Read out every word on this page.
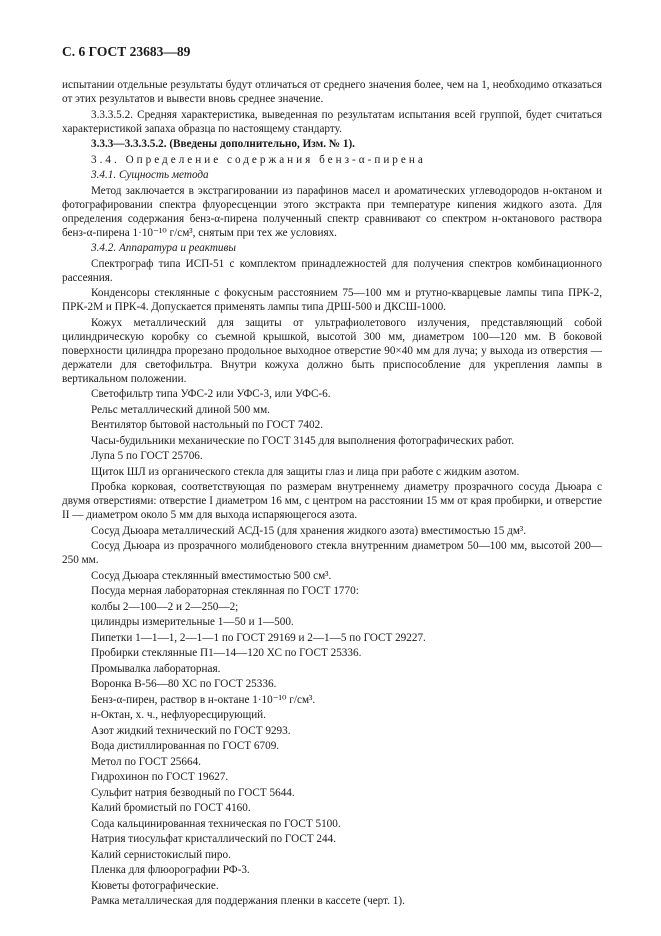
С. 6 ГОСТ 23683—89

испытании отдельные результаты будут отличаться от среднего значения более, чем на 1, необходимо отказаться от этих результатов и вывести вновь среднее значение.

3.3.3.5.2. Средняя характеристика, выведенная по результатам испытания всей группой, будет считаться характеристикой запаха образца по настоящему стандарту.

3.3.3—3.3.3.5.2. (Введены дополнительно, Изм. № 1).

3.4. Определение содержания бенз-α-пирена

3.4.1. Сущность метода

Метод заключается в экстрагировании из парафинов масел и ароматических углеводородов н-октаном и фотографировании спектра флуоресценции этого экстракта при температуре кипения жидкого азота. Для определения содержания бенз-α-пирена полученный спектр сравнивают со спектром н-октанового раствора бенз-α-пирена 1·10⁻¹⁰ г/см³, снятым при тех же условиях.

3.4.2. Аппаратура и реактивы

Спектрограф типа ИСП-51 с комплектом принадлежностей для получения спектров комбинационного рассеяния.

Конденсоры стеклянные с фокусным расстоянием 75—100 мм и ртутно-кварцевые лампы типа ПРК-2, ПРК-2М и ПРК-4. Допускается применять лампы типа ДРШ-500 и ДКСШ-1000.

Кожух металлический для защиты от ультрафиолетового излучения, представляющий собой цилиндрическую коробку со съемной крышкой, высотой 300 мм, диаметром 100—120 мм. В боковой поверхности цилиндра прорезано продольное выходное отверстие 90×40 мм для луча; у выхода из отверстия — держатели для светофильтра. Внутри кожуха должно быть приспособление для укрепления лампы в вертикальном положении.

Светофильтр типа УФС-2 или УФС-3, или УФС-6.

Рельс металлический длиной 500 мм.

Вентилятор бытовой настольный по ГОСТ 7402.

Часы-будильники механические по ГОСТ 3145 для выполнения фотографических работ.

Лупа 5 по ГОСТ 25706.

Щиток ШЛ из органического стекла для защиты глаз и лица при работе с жидким азотом.

Пробка корковая, соответствующая по размерам внутреннему диаметру прозрачного сосуда Дьюара с двумя отверстиями: отверстие I диаметром 16 мм, с центром на расстоянии 15 мм от края пробирки, и отверстие II — диаметром около 5 мм для выхода испаряющегося азота.

Сосуд Дьюара металлический АСД-15 (для хранения жидкого азота) вместимостью 15 дм³.

Сосуд Дьюара из прозрачного молибденового стекла внутренним диаметром 50—100 мм, высотой 200—250 мм.

Сосуд Дьюара стеклянный вместимостью 500 см³.

Посуда мерная лабораторная стеклянная по ГОСТ 1770:

колбы 2—100—2 и 2—250—2;

цилиндры измерительные 1—50 и 1—500.

Пипетки 1—1—1, 2—1—1 по ГОСТ 29169 и 2—1—5 по ГОСТ 29227.

Пробирки стеклянные П1—14—120 ХС по ГОСТ 25336.

Промывалка лабораторная.

Воронка В-56—80 ХС по ГОСТ 25336.

Бенз-α-пирен, раствор в н-октане 1·10⁻¹⁰ г/см³.

н-Октан, х. ч., нефлуоресцирующий.

Азот жидкий технический по ГОСТ 9293.

Вода дистиллированная по ГОСТ 6709.

Метол по ГОСТ 25664.

Гидрохинон по ГОСТ 19627.

Сульфит натрия безводный по ГОСТ 5644.

Калий бромистый по ГОСТ 4160.

Сода кальцинированная техническая по ГОСТ 5100.

Натрия тиосульфат кристаллический по ГОСТ 244.

Калий сернистокислый пиро.

Пленка для флюорографии РФ-3.

Кюветы фотографические.

Рамка металлическая для поддержания пленки в кассете (черт. 1).
